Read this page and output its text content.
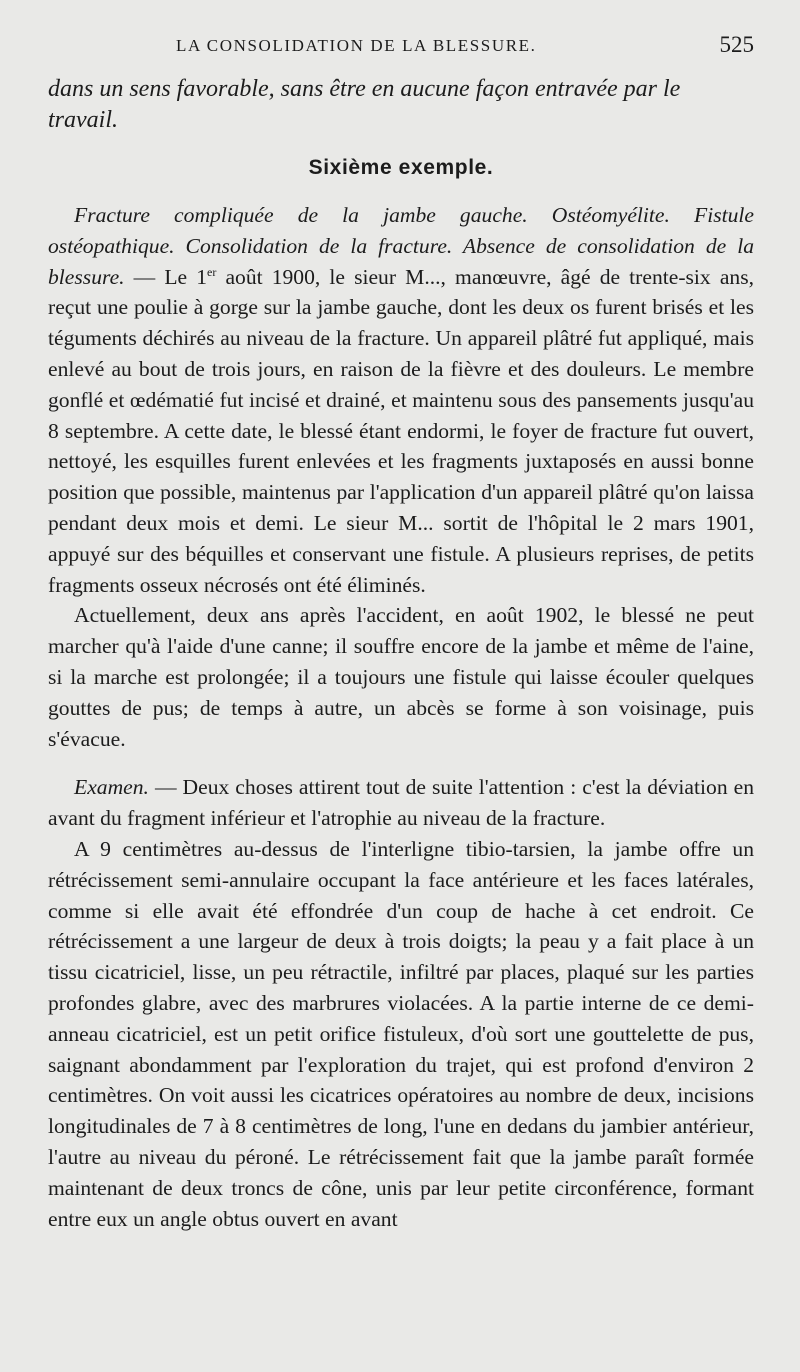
LA CONSOLIDATION DE LA BLESSURE.	525

dans un sens favorable, sans être en aucune façon entravée par le travail.

Sixième exemple.

Fracture compliquée de la jambe gauche. Ostéomyélite. Fistule ostéopathique. Consolidation de la fracture. Absence de consolidation de la blessure. — Le 1er août 1900, le sieur M..., manœuvre, âgé de trente-six ans, reçut une poulie à gorge sur la jambe gauche, dont les deux os furent brisés et les téguments déchirés au niveau de la fracture. Un appareil plâtré fut appliqué, mais enlevé au bout de trois jours, en raison de la fièvre et des douleurs. Le membre gonflé et œdématié fut incisé et drainé, et maintenu sous des pansements jusqu'au 8 septembre. A cette date, le blessé étant endormi, le foyer de fracture fut ouvert, nettoyé, les esquilles furent enlevées et les fragments juxtaposés en aussi bonne position que possible, maintenus par l'application d'un appareil plâtré qu'on laissa pendant deux mois et demi. Le sieur M... sortit de l'hôpital le 2 mars 1901, appuyé sur des béquilles et conservant une fistule. A plusieurs reprises, de petits fragments osseux nécrosés ont été éliminés.

Actuellement, deux ans après l'accident, en août 1902, le blessé ne peut marcher qu'à l'aide d'une canne; il souffre encore de la jambe et même de l'aine, si la marche est prolongée; il a toujours une fistule qui laisse écouler quelques gouttes de pus; de temps à autre, un abcès se forme à son voisinage, puis s'évacue.

Examen. — Deux choses attirent tout de suite l'attention : c'est la déviation en avant du fragment inférieur et l'atrophie au niveau de la fracture.

A 9 centimètres au-dessus de l'interligne tibio-tarsien, la jambe offre un rétrécissement semi-annulaire occupant la face antérieure et les faces latérales, comme si elle avait été effondrée d'un coup de hache à cet endroit. Ce rétrécissement a une largeur de deux à trois doigts; la peau y a fait place à un tissu cicatriciel, lisse, un peu rétractile, infiltré par places, plaqué sur les parties profondes glabre, avec des marbrures violacées. A la partie interne de ce demi-anneau cicatriciel, est un petit orifice fistuleux, d'où sort une gouttelette de pus, saignant abondamment par l'exploration du trajet, qui est profond d'environ 2 centimètres. On voit aussi les cicatrices opératoires au nombre de deux, incisions longitudinales de 7 à 8 centimètres de long, l'une en dedans du jambier antérieur, l'autre au niveau du péroné. Le rétrécissement fait que la jambe paraît formée maintenant de deux troncs de cône, unis par leur petite circonférence, formant entre eux un angle obtus ouvert en avant
